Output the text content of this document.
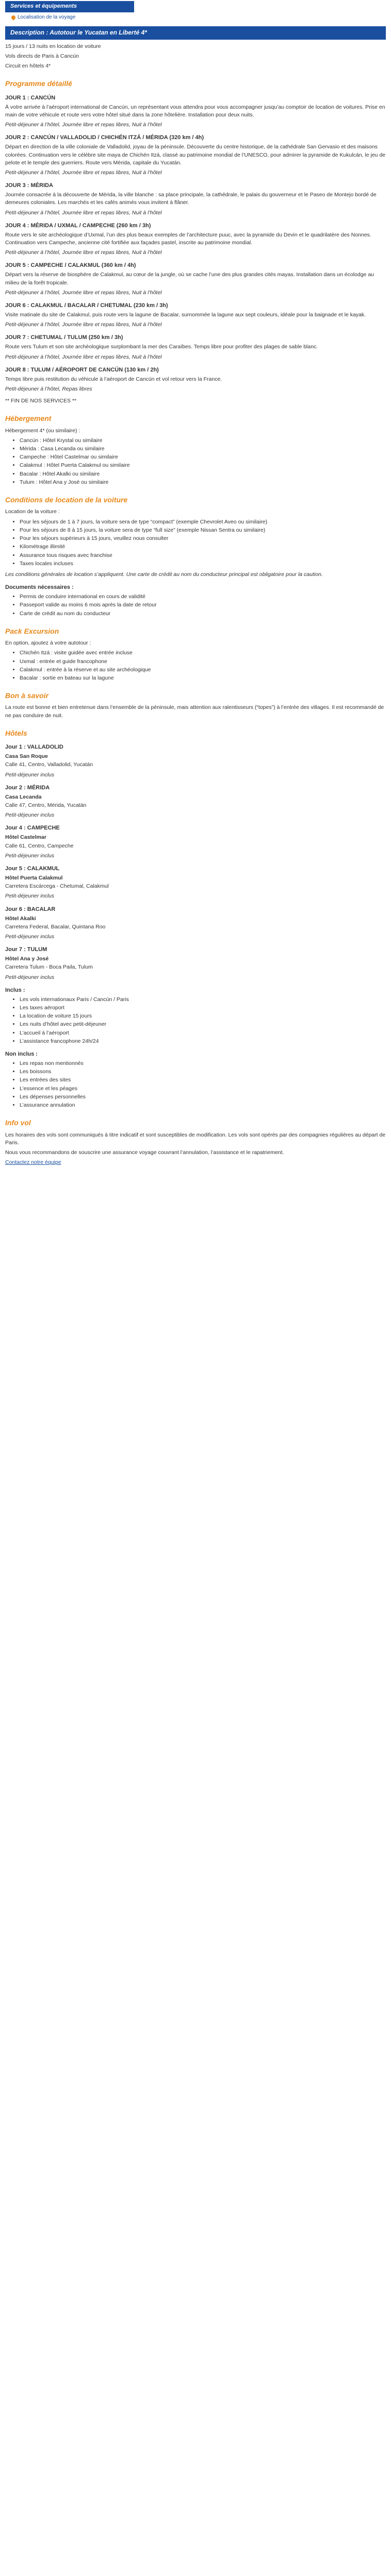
Services et équipements
Localisation de la voyage
Description : Autotour le Yucatan en Liberté 4*

15 jours / 13 nuits en location de voiture

Vols directs de Paris à Cancún

Circuit en hôtels 4*

Programme détaillé
JOUR 1 : CANCÚN

À votre arrivée à l’aéroport international de Cancún, un représentant vous attendra pour vous accompagner jusqu’au comptoir de location de voitures. Prise en main de votre véhicule et route vers votre hôtel situé dans la zone hôtelière. Installation pour deux nuits.

Petit-déjeuner à l’hôtel, Journée libre et repas libres, Nuit à l’hôtel

JOUR 2 : CANCÚN / VALLADOLID / CHICHÉN ITZÁ / MÉRIDA (320 km / 4h)

Départ en direction de la ville coloniale de Valladolid, joyau de la péninsule. Découverte du centre historique, de la cathédrale San Gervasio et des maisons colorées. Continuation vers le célèbre site maya de Chichén Itzá, classé au patrimoine mondial de l’UNESCO, pour admirer la pyramide de Kukulcán, le jeu de pelote et le temple des guerriers. Route vers Mérida, capitale du Yucatán.

Petit-déjeuner à l’hôtel, Journée libre et repas libres, Nuit à l’hôtel

JOUR 3 : MÉRIDA

Journée consacrée à la découverte de Mérida, la ville blanche : sa place principale, la cathédrale, le palais du gouverneur et le Paseo de Montejo bordé de demeures coloniales. Les marchés et les cafés animés vous invitent à flâner.

Petit-déjeuner à l’hôtel, Journée libre et repas libres, Nuit à l’hôtel

JOUR 4 : MÉRIDA / UXMAL / CAMPECHE (260 km / 3h)

Route vers le site archéologique d’Uxmal, l’un des plus beaux exemples de l’architecture puuc, avec la pyramide du Devin et le quadrilatère des Nonnes. Continuation vers Campeche, ancienne cité fortifiée aux façades pastel, inscrite au patrimoine mondial.

Petit-déjeuner à l’hôtel, Journée libre et repas libres, Nuit à l’hôtel

JOUR 5 : CAMPECHE / CALAKMUL (360 km / 4h)

Départ vers la réserve de biosphère de Calakmul, au cœur de la jungle, où se cache l’une des plus grandes cités mayas. Installation dans un écolodge au milieu de la forêt tropicale.

Petit-déjeuner à l’hôtel, Journée libre et repas libres, Nuit à l’hôtel

JOUR 6 : CALAKMUL / BACALAR / CHETUMAL (230 km / 3h)

Visite matinale du site de Calakmul, puis route vers la lagune de Bacalar, surnommée la lagune aux sept couleurs, idéale pour la baignade et le kayak.

Petit-déjeuner à l’hôtel, Journée libre et repas libres, Nuit à l’hôtel

JOUR 7 : CHETUMAL / TULUM (250 km / 3h)

Route vers Tulum et son site archéologique surplombant la mer des Caraïbes. Temps libre pour profiter des plages de sable blanc.

Petit-déjeuner à l’hôtel, Journée libre et repas libres, Nuit à l’hôtel

JOUR 8 : TULUM / AÉROPORT DE CANCÚN (130 km / 2h)

Temps libre puis restitution du véhicule à l’aéroport de Cancún et vol retour vers la France.

Petit-déjeuner à l’hôtel, Repas libres

** FIN DE NOS SERVICES **

Hébergement

Hébergement 4* (ou similaire) :

• Cancún : Hôtel Krystal ou similaire
• Mérida : Casa Lecanda ou similaire
• Campeche : Hôtel Castelmar ou similaire
• Calakmul : Hôtel Puerta Calakmul ou similaire
• Bacalar : Hôtel Akalki ou similaire
• Tulum : Hôtel Ana y José ou similaire
Conditions de location de la voiture

Location de la voiture :

• Pour les séjours de 1 à 7 jours, la voiture sera de type “compact” (exemple Chevrolet Aveo ou similaire)
• Pour les séjours de 8 à 15 jours, la voiture sera de type “full size” (exemple Nissan Sentra ou similaire)
• Pour les séjours supérieurs à 15 jours, veuillez nous consulter
• Kilométrage illimité
• Assurance tous risques avec franchise
• Taxes locales incluses

Les conditions générales de location s’appliquent. Une carte de crédit au nom du conducteur principal est obligatoire pour la caution.

Documents nécessaires :
• Permis de conduire international en cours de validité
• Passeport valide au moins 6 mois après la date de retour
• Carte de crédit au nom du conducteur
Pack Excursion

En option, ajoutez à votre autotour :

• Chichén Itzá : visite guidée avec entrée incluse
• Uxmal : entrée et guide francophone
• Calakmul : entrée à la réserve et au site archéologique
• Bacalar : sortie en bateau sur la lagune
Bon à savoir

La route est bonne et bien entretenue dans l’ensemble de la péninsule, mais attention aux ralentisseurs (“topes”) à l’entrée des villages. Il est recommandé de ne pas conduire de nuit.

Hôtels
Jour 1 : VALLADOLID
Casa San Roque

Calle 41, Centro, Valladolid, Yucatán

Petit-déjeuner inclus

Jour 2 : MÉRIDA
Casa Lecanda

Calle 47, Centro, Mérida, Yucatán

Petit-déjeuner inclus

Jour 4 : CAMPECHE
Hôtel Castelmar

Calle 61, Centro, Campeche

Petit-déjeuner inclus

Jour 5 : CALAKMUL
Hôtel Puerta Calakmul

Carretera Escárcega - Chetumal, Calakmul

Petit-déjeuner inclus

Jour 6 : BACALAR
Hôtel Akalki

Carretera Federal, Bacalar, Quintana Roo

Petit-déjeuner inclus

Jour 7 : TULUM
Hôtel Ana y José

Carretera Tulum - Boca Paila, Tulum

Petit-déjeuner inclus

Inclus :
• Les vols internationaux Paris / Cancún / Paris
• Les taxes aéroport
• La location de voiture 15 jours
• Les nuits d’hôtel avec petit-déjeuner
• L’accueil à l’aéroport
• L’assistance francophone 24h/24
Non inclus :
• Les repas non mentionnés
• Les boissons
• Les entrées des sites
• L’essence et les péages
• Les dépenses personnelles
• L’assurance annulation
Info vol

Les horaires des vols sont communiqués à titre indicatif et sont susceptibles de modification. Les vols sont opérés par des compagnies régulières au départ de Paris.

Nous vous recommandons de souscrire une assurance voyage couvrant l’annulation, l’assistance et le rapatriement.

Contactez notre équipe
